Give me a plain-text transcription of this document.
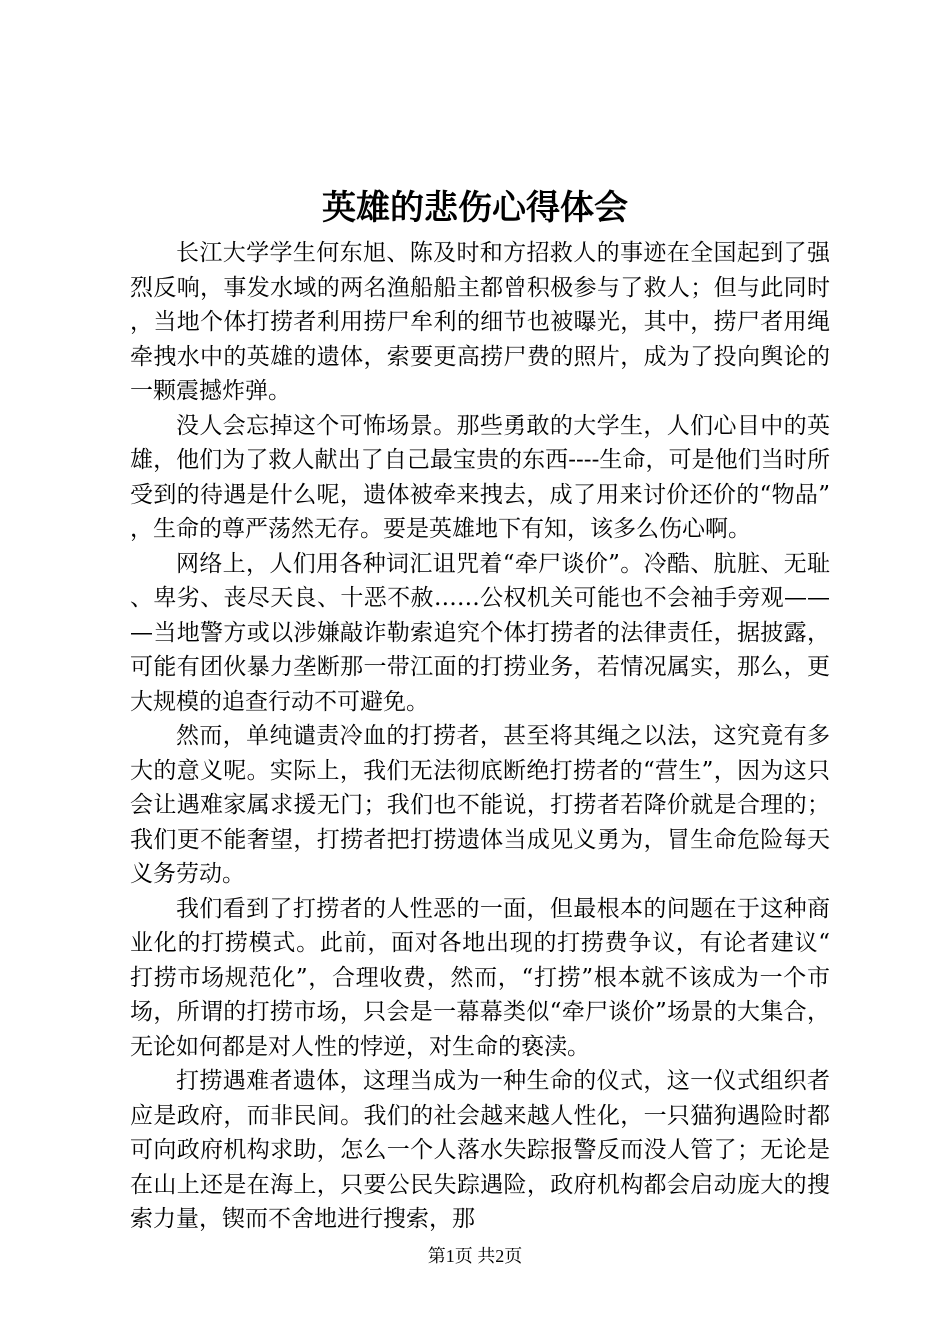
英雄的悲伤心得体会

长江大学学生何东旭、陈及时和方招救人的事迹在全国起到了强烈反响，事发水域的两名渔船船主都曾积极参与了救人；但与此同时，当地个体打捞者利用捞尸牟利的细节也被曝光，其中，捞尸者用绳牵拽水中的英雄的遗体，索要更高捞尸费的照片，成为了投向舆论的一颗震撼炸弹。

没人会忘掉这个可怖场景。那些勇敢的大学生，人们心目中的英雄，他们为了救人献出了自己最宝贵的东西----生命，可是他们当时所受到的待遇是什么呢，遗体被牵来拽去，成了用来讨价还价的“物品”，生命的尊严荡然无存。要是英雄地下有知，该多么伤心啊。

网络上，人们用各种词汇诅咒着“牵尸谈价”。冷酷、肮脏、无耻、卑劣、丧尽天良、十恶不赦……公权机关可能也不会袖手旁观———当地警方或以涉嫌敲诈勒索追究个体打捞者的法律责任，据披露，可能有团伙暴力垄断那一带江面的打捞业务，若情况属实，那么，更大规模的追查行动不可避免。

然而，单纯谴责冷血的打捞者，甚至将其绳之以法，这究竟有多大的意义呢。实际上，我们无法彻底断绝打捞者的“营生”，因为这只会让遇难家属求援无门；我们也不能说，打捞者若降价就是合理的；我们更不能奢望，打捞者把打捞遗体当成见义勇为，冒生命危险每天义务劳动。

我们看到了打捞者的人性恶的一面，但最根本的问题在于这种商业化的打捞模式。此前，面对各地出现的打捞费争议，有论者建议“打捞市场规范化”，合理收费，然而，“打捞”根本就不该成为一个市场，所谓的打捞市场，只会是一幕幕类似“牵尸谈价”场景的大集合，无论如何都是对人性的悖逆，对生命的亵渎。

打捞遇难者遗体，这理当成为一种生命的仪式，这一仪式组织者应是政府，而非民间。我们的社会越来越人性化，一只猫狗遇险时都可向政府机构求助，怎么一个人落水失踪报警反而没人管了；无论是在山上还是在海上，只要公民失踪遇险，政府机构都会启动庞大的搜索力量，锲而不舍地进行搜索，那

第1页 共2页
